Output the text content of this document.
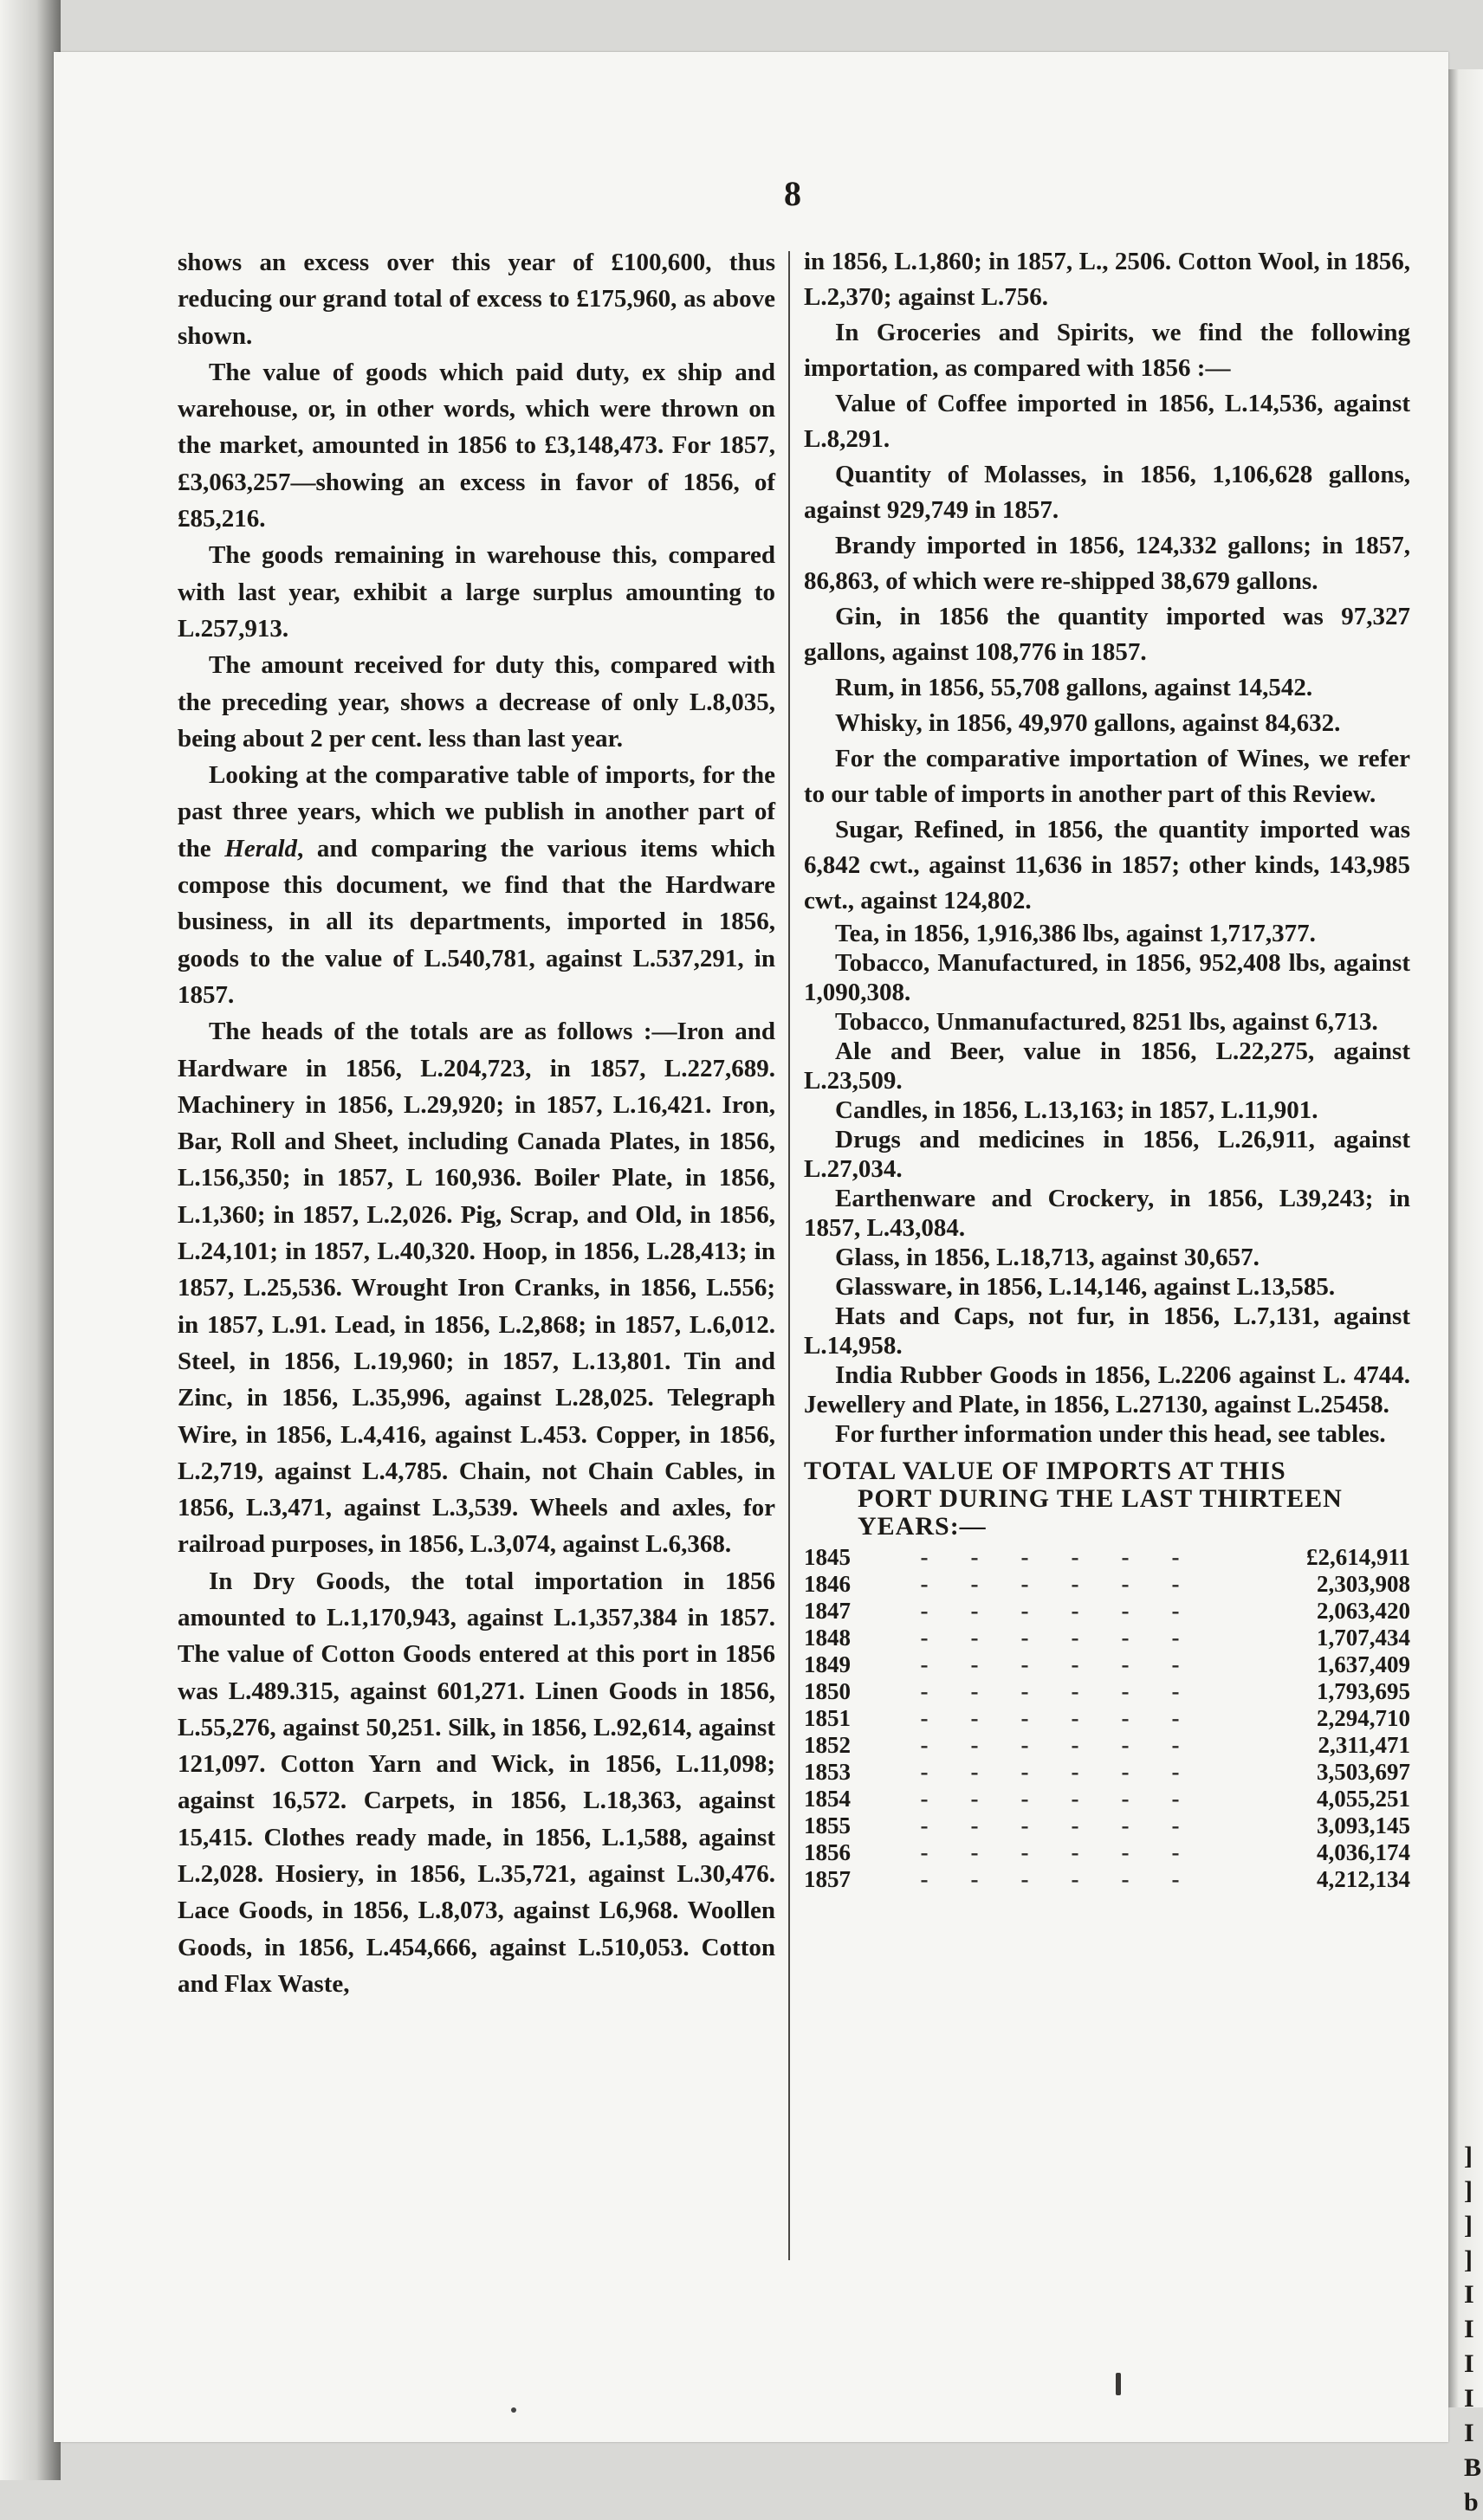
]
]
]
]
I
I
I
I
I
B
b
8

shows an excess over this year of £100,600, thus reducing our grand total of excess to £175,960, as above shown.

The value of goods which paid duty, ex ship and warehouse, or, in other words, which were thrown on the market, amounted in 1856 to £3,148,473. For 1857, £3,063,257—showing an excess in favor of 1856, of £85,216.

The goods remaining in warehouse this, compared with last year, exhibit a large surplus amounting to L.257,913.

The amount received for duty this, compared with the preceding year, shows a decrease of only L.8,035, being about 2 per cent. less than last year.

Looking at the comparative table of imports, for the past three years, which we publish in another part of the Herald, and comparing the various items which compose this document, we find that the Hardware business, in all its departments, imported in 1856, goods to the value of L.540,781, against L.537,291, in 1857.

The heads of the totals are as follows :—Iron and Hardware in 1856, L.204,723, in 1857, L.227,689. Machinery in 1856, L.29,920; in 1857, L.16,421. Iron, Bar, Roll and Sheet, including Canada Plates, in 1856, L.156,350; in 1857, L 160,936. Boiler Plate, in 1856, L.1,360; in 1857, L.2,026. Pig, Scrap, and Old, in 1856, L.24,101; in 1857, L.40,320. Hoop, in 1856, L.28,413; in 1857, L.25,536. Wrought Iron Cranks, in 1856, L.556; in 1857, L.91. Lead, in 1856, L.2,868; in 1857, L.6,012. Steel, in 1856, L.19,960; in 1857, L.13,801. Tin and Zinc, in 1856, L.35,996, against L.28,025. Telegraph Wire, in 1856, L.4,416, against L.453. Copper, in 1856, L.2,719, against L.4,785. Chain, not Chain Cables, in 1856, L.3,471, against L.3,539. Wheels and axles, for railroad purposes, in 1856, L.3,074, against L.6,368.

In Dry Goods, the total importation in 1856 amounted to L.1,170,943, against L.1,357,384 in 1857. The value of Cotton Goods entered at this port in 1856 was L.489.315, against 601,271. Linen Goods in 1856, L.55,276, against 50,251. Silk, in 1856, L.92,614, against 121,097. Cotton Yarn and Wick, in 1856, L.11,098; against 16,572. Carpets, in 1856, L.18,363, against 15,415. Clothes ready made, in 1856, L.1,588, against L.2,028. Hosiery, in 1856, L.35,721, against L.30,476. Lace Goods, in 1856, L.8,073, against L6,968. Woollen Goods, in 1856, L.454,666, against L.510,053. Cotton and Flax Waste,

in 1856, L.1,860; in 1857, L., 2506. Cotton Wool, in 1856, L.2,370; against L.756.

In Groceries and Spirits, we find the following importation, as compared with 1856 :—

Value of Coffee imported in 1856, L.14,536, against L.8,291.

Quantity of Molasses, in 1856, 1,106,628 gallons, against 929,749 in 1857.

Brandy imported in 1856, 124,332 gallons; in 1857, 86,863, of which were re-shipped 38,679 gallons.

Gin, in 1856 the quantity imported was 97,327 gallons, against 108,776 in 1857.

Rum, in 1856, 55,708 gallons, against 14,542.

Whisky, in 1856, 49,970 gallons, against 84,632.

For the comparative importation of Wines, we refer to our table of imports in another part of this Review.

Sugar, Refined, in 1856, the quantity imported was 6,842 cwt., against 11,636 in 1857; other kinds, 143,985 cwt., against 124,802.

Tea, in 1856, 1,916,386 lbs, against 1,717,377.

Tobacco, Manufactured, in 1856, 952,408 lbs, against 1,090,308.

Tobacco, Unmanufactured, 8251 lbs, against 6,713.

Ale and Beer, value in 1856, L.22,275, against L.23,509.

Candles, in 1856, L.13,163; in 1857, L.11,901.

Drugs and medicines in 1856, L.26,911, against L.27,034.

Earthenware and Crockery, in 1856, L39,243; in 1857, L.43,084.

Glass, in 1856, L.18,713, against 30,657.

Glassware, in 1856, L.14,146, against L.13,585.

Hats and Caps, not fur, in 1856, L.7,131, against L.14,958.

India Rubber Goods in 1856, L.2206 against L. 4744. Jewellery and Plate, in 1856, L.27130, against L.25458.

For further information under this head, see tables.

TOTAL VALUE OF IMPORTS AT THIS
PORT DURING THE LAST THIRTEEN YEARS:—
1845	- - - - - -	£2,614,911
1846	- - - - - -	2,303,908
1847	- - - - - -	2,063,420
1848	- - - - - -	1,707,434
1849	- - - - - -	1,637,409
1850	- - - - - -	1,793,695
1851	- - - - - -	2,294,710
1852	- - - - - -	2,311,471
1853	- - - - - -	3,503,697
1854	- - - - - -	4,055,251
1855	- - - - - -	3,093,145
1856	- - - - - -	4,036,174
1857	- - - - - -	4,212,134
